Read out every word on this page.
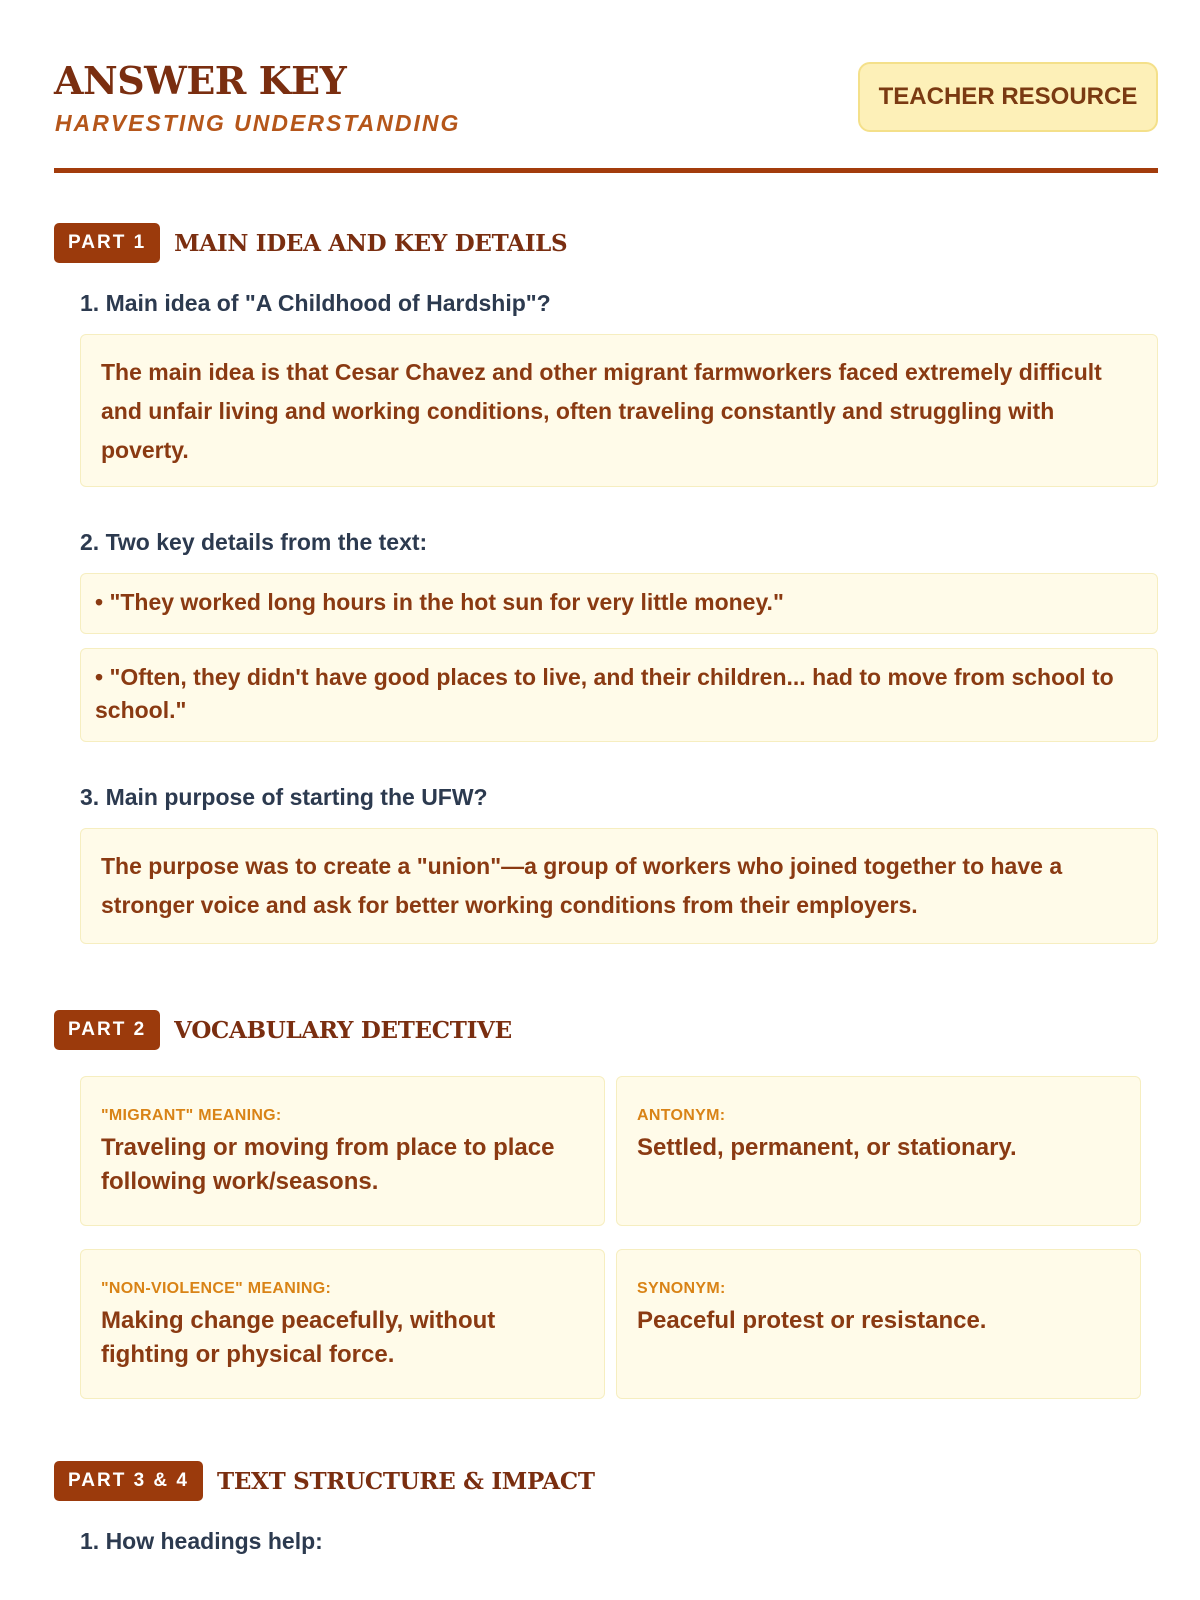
ANSWER KEY
HARVESTING UNDERSTANDING
TEACHER RESOURCE
PART 1	MAIN IDEA AND KEY DETAILS
1. Main idea of "A Childhood of Hardship"?
The main idea is that Cesar Chavez and other migrant farmworkers faced extremely difficult and unfair living and working conditions, often traveling constantly and struggling with poverty.
2. Two key details from the text:
• "They worked long hours in the hot sun for very little money."
• "Often, they didn't have good places to live, and their children... had to move from school to school."
3. Main purpose of starting the UFW?
The purpose was to create a "union"—a group of workers who joined together to have a stronger voice and ask for better working conditions from their employers.
PART 2	VOCABULARY DETECTIVE
"MIGRANT" MEANING:
Traveling or moving from place to place following work/seasons.
ANTONYM:
Settled, permanent, or stationary.
"NON-VIOLENCE" MEANING:
Making change peacefully, without fighting or physical force.
SYNONYM:
Peaceful protest or resistance.
PART 3 & 4	TEXT STRUCTURE & IMPACT
1. How headings help:
